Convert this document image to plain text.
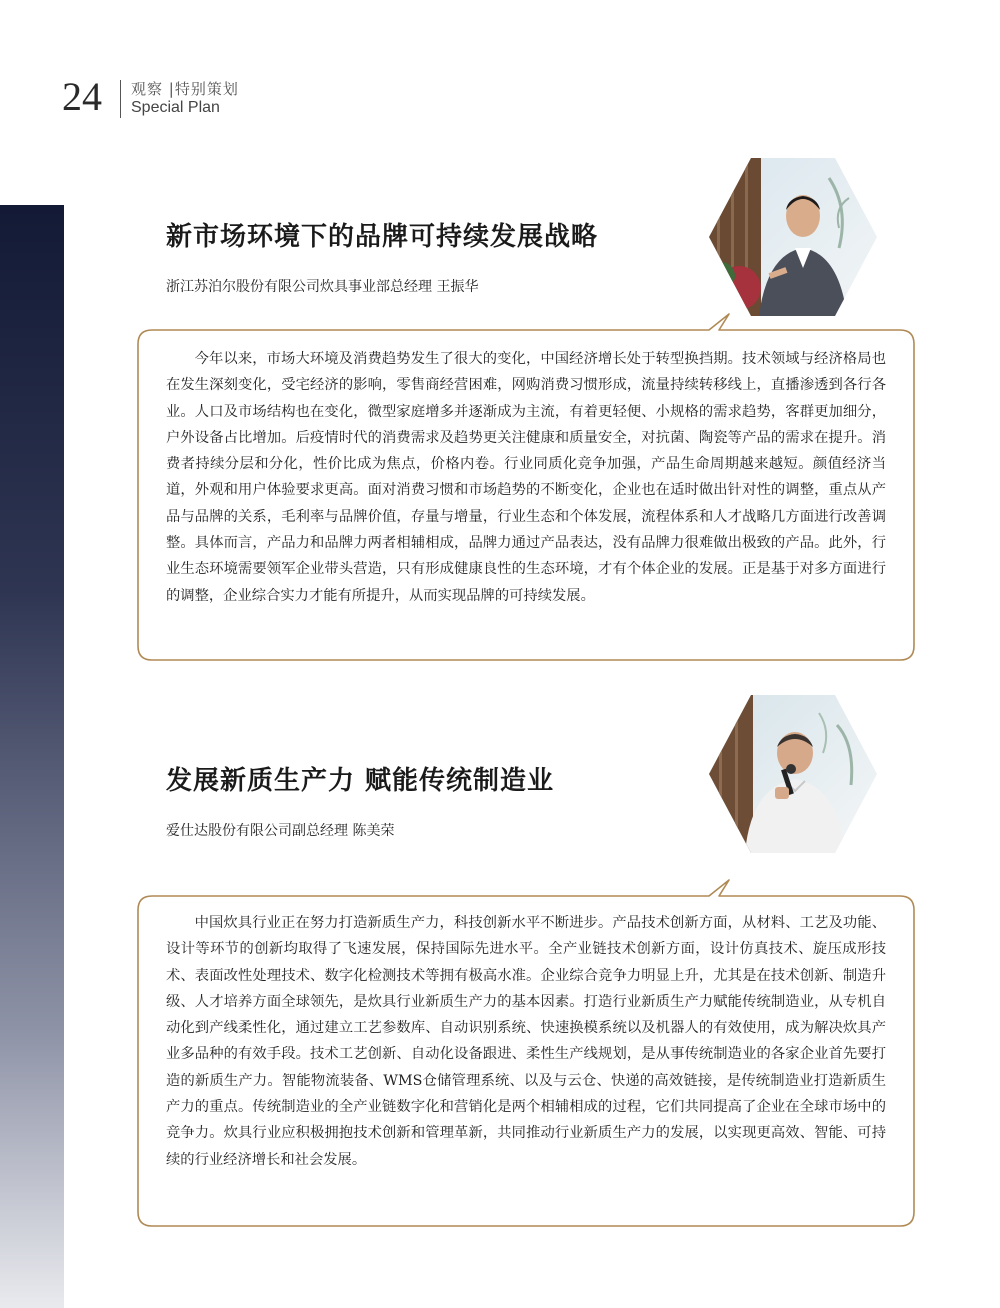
24 观察 |特别策划
Special Plan
新市场环境下的品牌可持续发展战略
浙江苏泊尔股份有限公司炊具事业部总经理 王振华
今年以来，市场大环境及消费趋势发生了很大的变化，中国经济增长处于转型换挡期。技术领域与经济格局也在发生深刻变化，受宅经济的影响，零售商经营困难，网购消费习惯形成，流量持续转移线上，直播渗透到各行各业。人口及市场结构也在变化，微型家庭增多并逐渐成为主流，有着更轻便、小规格的需求趋势，客群更加细分，户外设备占比增加。后疫情时代的消费需求及趋势更关注健康和质量安全，对抗菌、陶瓷等产品的需求在提升。消费者持续分层和分化，性价比成为焦点，价格内卷。行业同质化竞争加强，产品生命周期越来越短。颜值经济当道，外观和用户体验要求更高。面对消费习惯和市场趋势的不断变化，企业也在适时做出针对性的调整，重点从产品与品牌的关系，毛利率与品牌价值，存量与增量，行业生态和个体发展，流程体系和人才战略几方面进行改善调整。具体而言，产品力和品牌力两者相辅相成，品牌力通过产品表达，没有品牌力很难做出极致的产品。此外，行业生态环境需要领军企业带头营造，只有形成健康良性的生态环境，才有个体企业的发展。正是基于对多方面进行的调整，企业综合实力才能有所提升，从而实现品牌的可持续发展。
发展新质生产力 赋能传统制造业
爱仕达股份有限公司副总经理 陈美荣
中国炊具行业正在努力打造新质生产力，科技创新水平不断进步。产品技术创新方面，从材料、工艺及功能、设计等环节的创新均取得了飞速发展，保持国际先进水平。全产业链技术创新方面，设计仿真技术、旋压成形技术、表面改性处理技术、数字化检测技术等拥有极高水准。企业综合竞争力明显上升，尤其是在技术创新、制造升级、人才培养方面全球领先，是炊具行业新质生产力的基本因素。打造行业新质生产力赋能传统制造业，从专机自动化到产线柔性化，通过建立工艺参数库、自动识别系统、快速换模系统以及机器人的有效使用，成为解决炊具产业多品种的有效手段。技术工艺创新、自动化设备跟进、柔性生产线规划，是从事传统制造业的各家企业首先要打造的新质生产力。智能物流装备、WMS仓储管理系统、以及与云仓、快递的高效链接，是传统制造业打造新质生产力的重点。传统制造业的全产业链数字化和营销化是两个相辅相成的过程，它们共同提高了企业在全球市场中的竞争力。炊具行业应积极拥抱技术创新和管理革新，共同推动行业新质生产力的发展，以实现更高效、智能、可持续的行业经济增长和社会发展。
